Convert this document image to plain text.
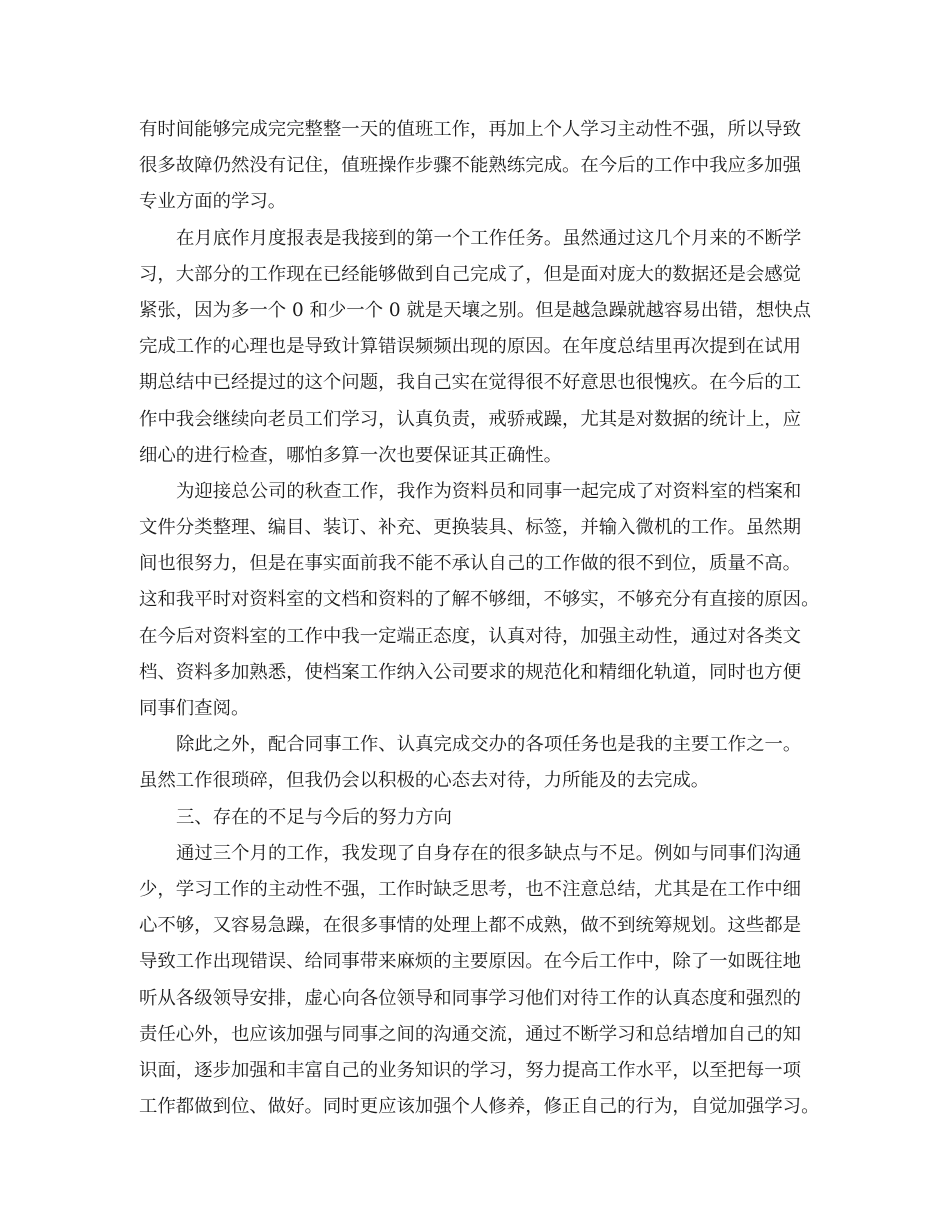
有时间能够完成完完整整一天的值班工作，再加上个人学习主动性不强，所以导致
很多故障仍然没有记住，值班操作步骤不能熟练完成。在今后的工作中我应多加强
专业方面的学习。
在月底作月度报表是我接到的第一个工作任务。虽然通过这几个月来的不断学
习，大部分的工作现在已经能够做到自己完成了，但是面对庞大的数据还是会感觉
紧张，因为多一个 0 和少一个 0 就是天壤之别。但是越急躁就越容易出错，想快点
完成工作的心理也是导致计算错误频频出现的原因。在年度总结里再次提到在试用
期总结中已经提过的这个问题，我自己实在觉得很不好意思也很愧疚。在今后的工
作中我会继续向老员工们学习，认真负责，戒骄戒躁，尤其是对数据的统计上，应
细心的进行检查，哪怕多算一次也要保证其正确性。
为迎接总公司的秋查工作，我作为资料员和同事一起完成了对资料室的档案和
文件分类整理、编目、装订、补充、更换装具、标签，并输入微机的工作。虽然期
间也很努力，但是在事实面前我不能不承认自己的工作做的很不到位，质量不高。
这和我平时对资料室的文档和资料的了解不够细，不够实，不够充分有直接的原因。
在今后对资料室的工作中我一定端正态度，认真对待，加强主动性，通过对各类文
档、资料多加熟悉，使档案工作纳入公司要求的规范化和精细化轨道，同时也方便
同事们查阅。
除此之外，配合同事工作、认真完成交办的各项任务也是我的主要工作之一。
虽然工作很琐碎，但我仍会以积极的心态去对待，力所能及的去完成。
三、存在的不足与今后的努力方向
通过三个月的工作，我发现了自身存在的很多缺点与不足。例如与同事们沟通
少，学习工作的主动性不强，工作时缺乏思考，也不注意总结，尤其是在工作中细
心不够，又容易急躁，在很多事情的处理上都不成熟，做不到统筹规划。这些都是
导致工作出现错误、给同事带来麻烦的主要原因。在今后工作中，除了一如既往地
听从各级领导安排，虚心向各位领导和同事学习他们对待工作的认真态度和强烈的
责任心外，也应该加强与同事之间的沟通交流，通过不断学习和总结增加自己的知
识面，逐步加强和丰富自己的业务知识的学习，努力提高工作水平，以至把每一项
工作都做到位、做好。同时更应该加强个人修养，修正自己的行为，自觉加强学习。
